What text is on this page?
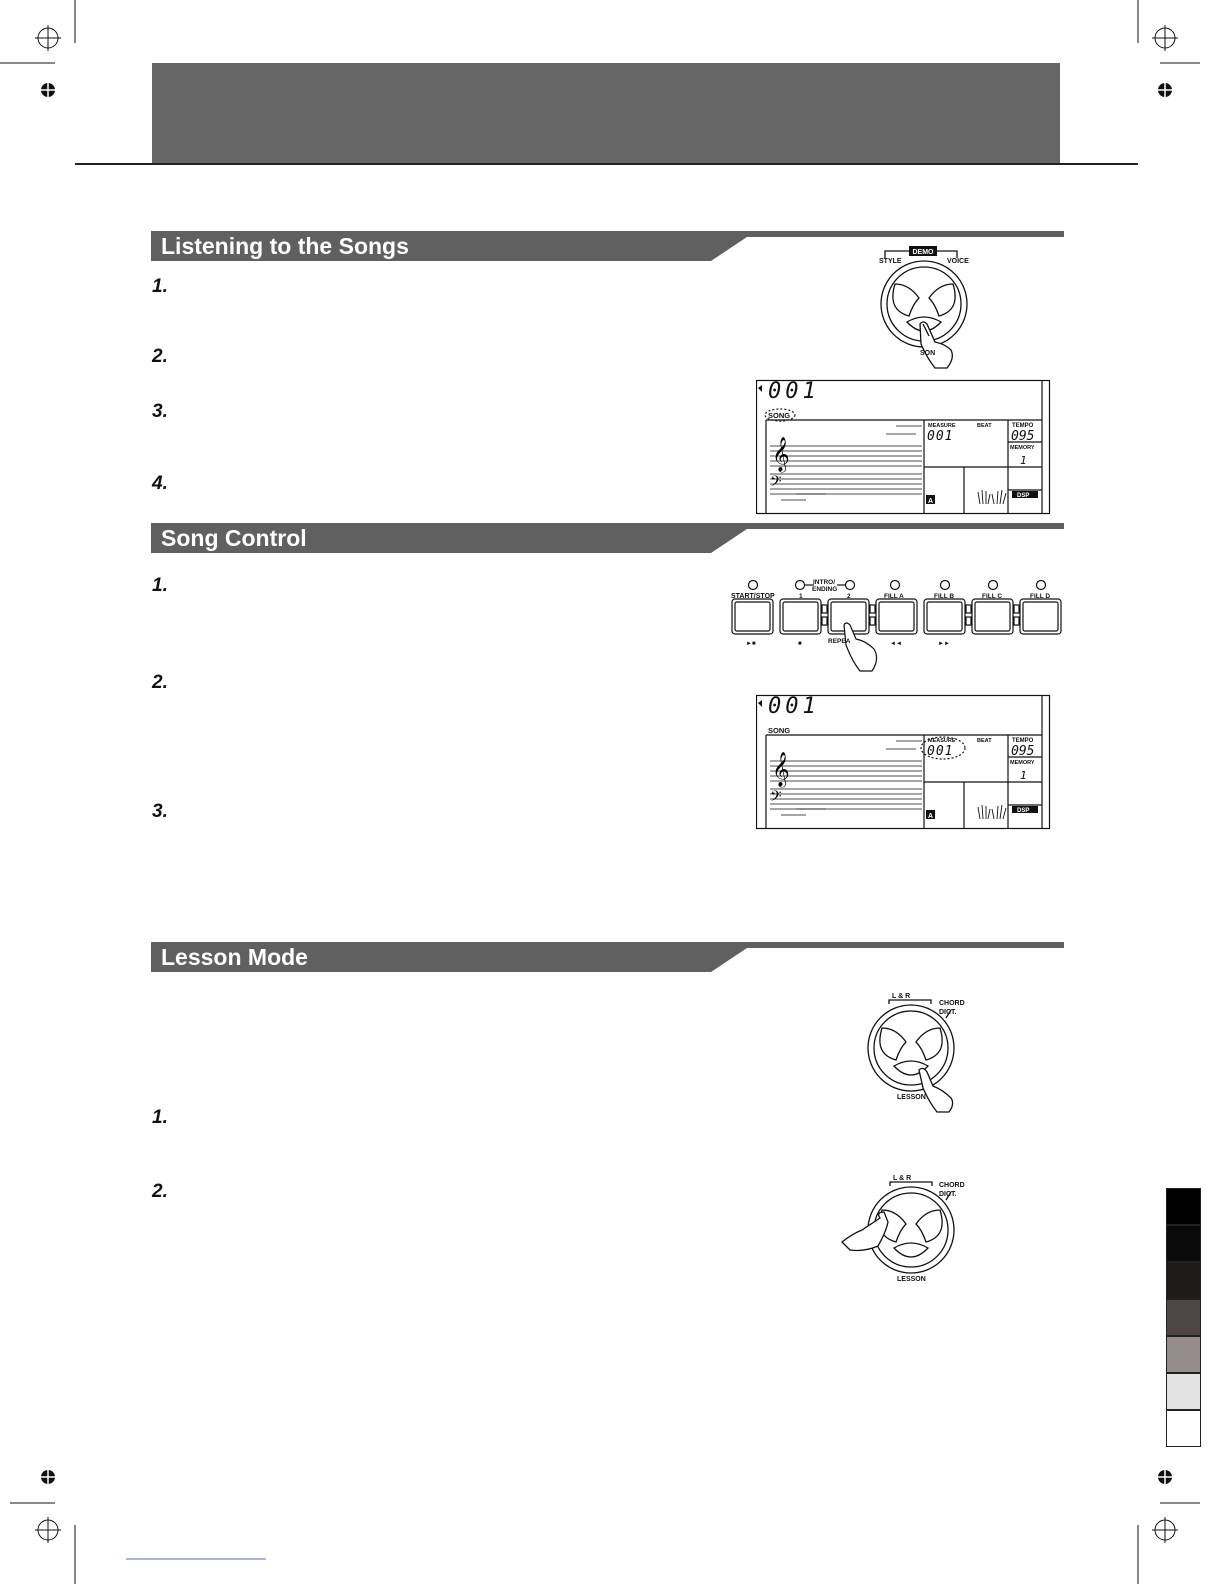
Listening to the Songs
1.
2.
3.
4.
DEMO
STYLE	VOICE
SON
𝄞
𝄢
001
SONG
MEASURE	BEAT	TEMPO
001	095
MEMORY
1
A
DSP
Song Control
1.
2.
3.
START/STOP
INTRO/
ENDING
1	2	FILL A	FILL B	FILL C	FILL D
►■	■	REPEA	◄◄	►►
𝄞
𝄢
001
SONG
MEASURE	BEAT	TEMPO
001	095
MEMORY
1
A
DSP
Lesson Mode
1.
2.
L & R
CHORD
DICT.
LESSON
L & R
CHORD
DICT.
LESSON
